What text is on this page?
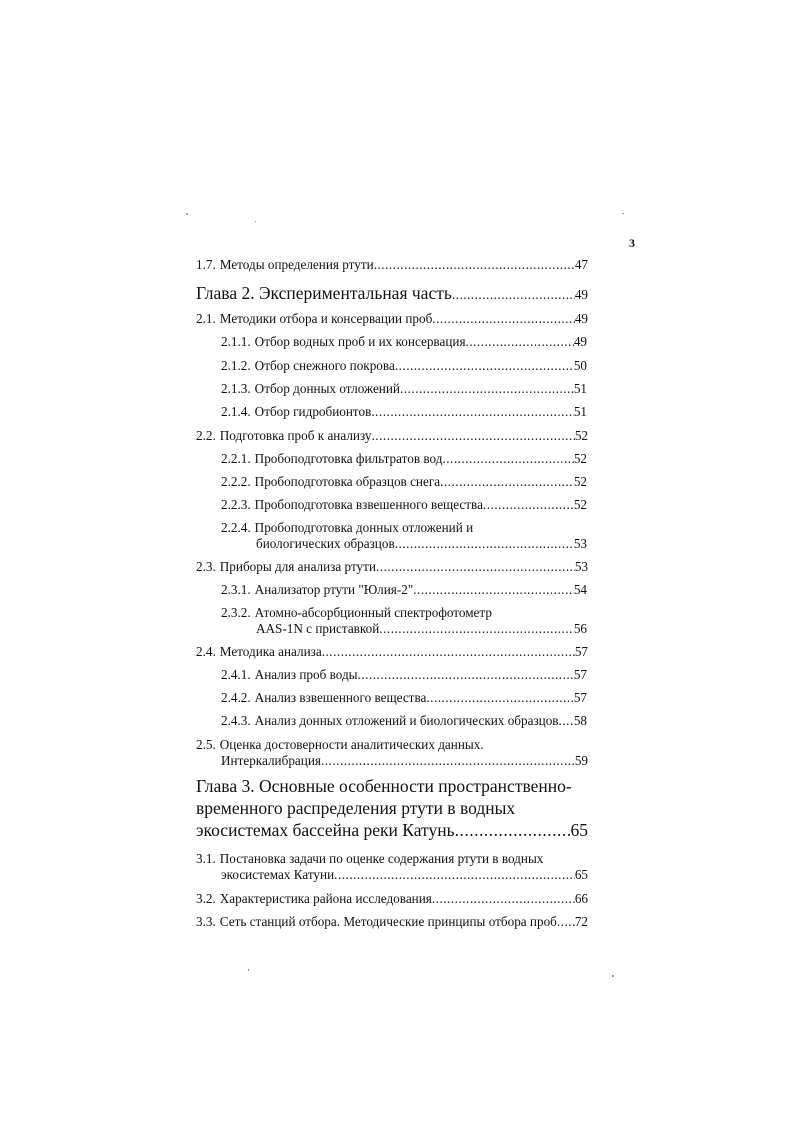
3
1.7. Методы определения ртути .....	47
Глава 2. Экспериментальная часть .....	49
2.1. Методики отбора и консервации проб .....	49
2.1.1. Отбор водных проб и их консервация .....	49
2.1.2. Отбор снежного покрова .....	50
2.1.3. Отбор донных отложений .....	51
2.1.4. Отбор гидробионтов .....	51
2.2. Подготовка проб к анализу .....	52
2.2.1. Пробоподготовка фильтратов вод .....	52
2.2.2. Пробоподготовка образцов снега .....	52
2.2.3. Пробоподготовка взвешенного вещества .....	52
2.2.4. Пробоподготовка донных отложений и
биологических образцов .....	53
2.3. Приборы для анализа ртути .....	53
2.3.1. Анализатор ртути "Юлия-2" .....	54
2.3.2. Атомно-абсорбционный спектрофотометр
AAS-1N с приставкой .....	56
2.4. Методика анализа .....	57
2.4.1. Анализ проб воды .....	57
2.4.2. Анализ взвешенного вещества .....	57
2.4.3. Анализ донных отложений и биологических образцов ..... 58
2.5. Оценка достоверности аналитических данных.
Интеркалибрация .....	59
Глава 3. Основные особенности пространственно-
временного распределения ртути в водных
экосистемах бассейна реки Катунь .....	65
3.1. Постановка задачи по оценке содержания ртути в водных
экосистемах Катуни .....	65
3.2. Характеристика района исследования .....	66
3.3. Сеть станций отбора. Методические принципы отбора проб ..... 72
